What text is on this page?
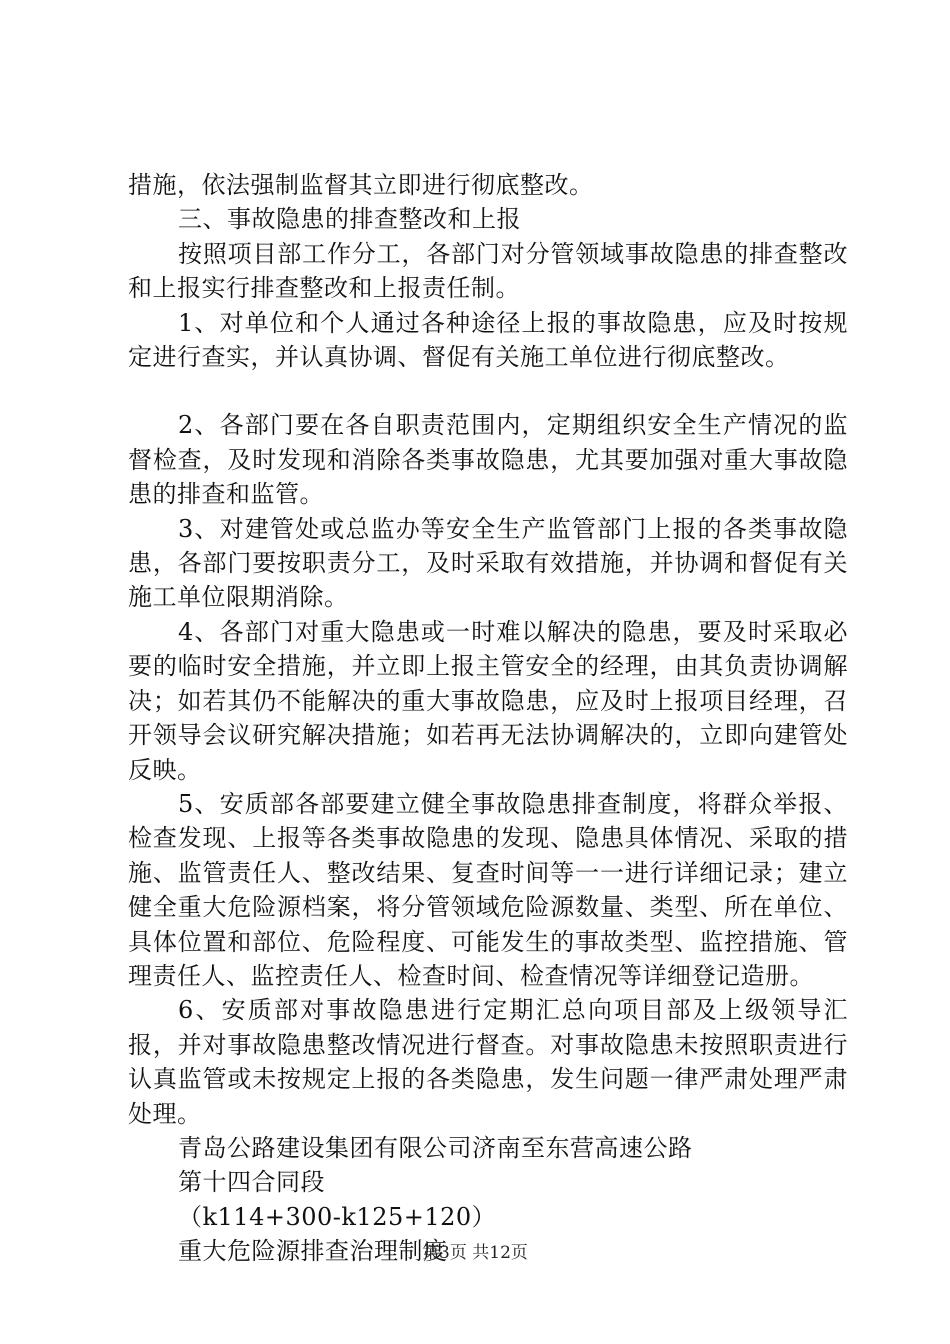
措施，依法强制监督其立即进行彻底整改。

三、事故隐患的排查整改和上报

按照项目部工作分工，各部门对分管领域事故隐患的排查整改和上报实行排查整改和上报责任制。

1、对单位和个人通过各种途径上报的事故隐患，应及时按规定进行查实，并认真协调、督促有关施工单位进行彻底整改。

2、各部门要在各自职责范围内，定期组织安全生产情况的监督检查，及时发现和消除各类事故隐患，尤其要加强对重大事故隐患的排查和监管。

3、对建管处或总监办等安全生产监管部门上报的各类事故隐患，各部门要按职责分工，及时采取有效措施，并协调和督促有关施工单位限期消除。

4、各部门对重大隐患或一时难以解决的隐患，要及时采取必要的临时安全措施，并立即上报主管安全的经理，由其负责协调解决；如若其仍不能解决的重大事故隐患，应及时上报项目经理，召开领导会议研究解决措施；如若再无法协调解决的，立即向建管处反映。

5、安质部各部要建立健全事故隐患排查制度，将群众举报、检查发现、上报等各类事故隐患的发现、隐患具体情况、采取的措施、监管责任人、整改结果、复查时间等一一进行详细记录；建立健全重大危险源档案，将分管领域危险源数量、类型、所在单位、具体位置和部位、危险程度、可能发生的事故类型、监控措施、管理责任人、监控责任人、检查时间、检查情况等详细登记造册。

6、安质部对事故隐患进行定期汇总向项目部及上级领导汇报，并对事故隐患整改情况进行督查。对事故隐患未按照职责进行认真监管或未按规定上报的各类隐患，发生问题一律严肃处理严肃处理。

青岛公路建设集团有限公司济南至东营高速公路

第十四合同段

（k114+300-k125+120）

重大危险源排查治理制度

第3页 共12页
